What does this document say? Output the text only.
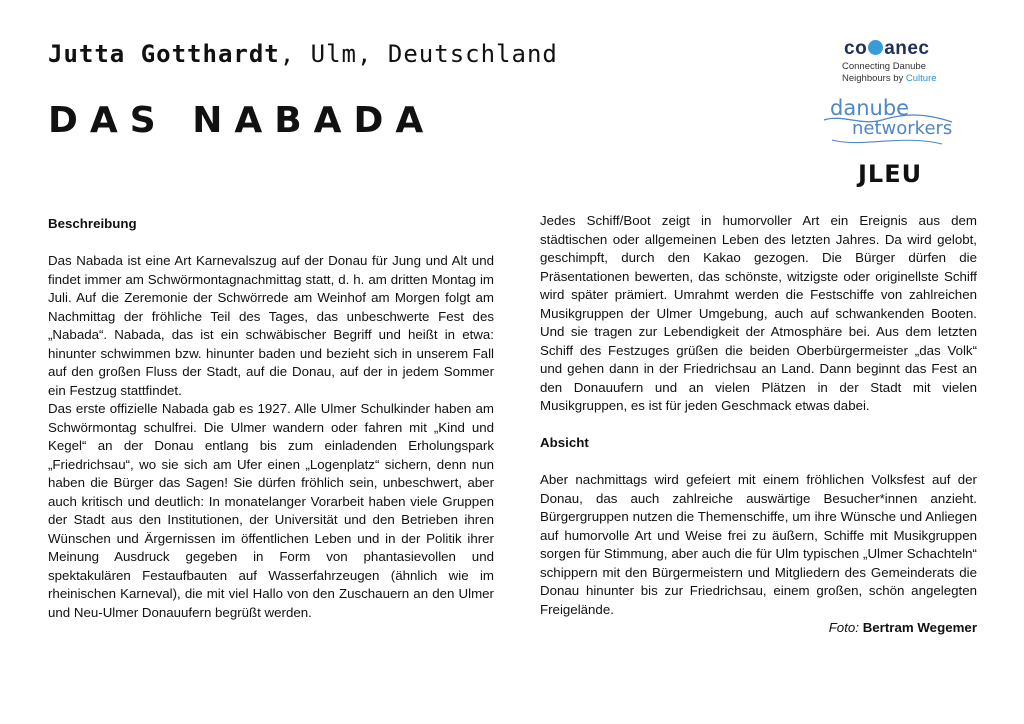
Jutta Gotthardt, Ulm, Deutschland
DAS NABADA
co anec
Connecting Danube
Neighbours by Culture
danube
networkers
JLEU

Beschreibung

Das Nabada ist eine Art Karnevalszug auf der Donau für Jung und Alt und findet immer am Schwörmontagnachmittag statt, d. h. am dritten Montag im Juli. Auf die Zeremonie der Schwörrede am Weinhof am Morgen folgt am Nachmittag der fröhliche Teil des Tages, das unbeschwerte Fest des „Nabada“. Nabada, das ist ein schwäbischer Begriff und heißt in etwa: hinunter schwimmen bzw. hinunter baden und bezieht sich in unserem Fall auf den großen Fluss der Stadt, auf die Donau, auf der in jedem Sommer ein Festzug stattfindet.

Das erste offizielle Nabada gab es 1927. Alle Ulmer Schulkinder haben am Schwörmontag schulfrei. Die Ulmer wandern oder fahren mit „Kind und Kegel“ an der Donau entlang bis zum einladenden Erholungspark „Friedrichsau“, wo sie sich am Ufer einen „Logenplatz“ sichern, denn nun haben die Bürger das Sagen! Sie dürfen fröhlich sein, unbeschwert, aber auch kritisch und deutlich: In monatelanger Vorarbeit haben viele Gruppen der Stadt aus den Institutionen, der Universität und den Betrieben ihren Wünschen und Ärgernissen im öffentlichen Leben und in der Politik ihrer Meinung Ausdruck gegeben in Form von phantasievollen und spektakulären Festaufbauten auf Wasserfahrzeugen (ähnlich wie im rheinischen Karneval), die mit viel Hallo von den Zuschauern an den Ulmer und Neu-Ulmer Donauufern begrüßt werden.

Jedes Schiff/Boot zeigt in humorvoller Art ein Ereignis aus dem städtischen oder allgemeinen Leben des letzten Jahres. Da wird gelobt, geschimpft, durch den Kakao gezogen. Die Bürger dürfen die Präsentationen bewerten, das schönste, witzigste oder originellste Schiff wird später prämiert. Umrahmt werden die Festschiffe von zahlreichen Musikgruppen der Ulmer Umgebung, auch auf schwankenden Booten. Und sie tragen zur Lebendigkeit der Atmosphäre bei. Aus dem letzten Schiff des Festzuges grüßen die beiden Oberbürgermeister „das Volk“ und gehen dann in der Friedrichsau an Land. Dann beginnt das Fest an den Donauufern und an vielen Plätzen in der Stadt mit vielen Musikgruppen, es ist für jeden Geschmack etwas dabei.

Absicht

Aber nachmittags wird gefeiert mit einem fröhlichen Volksfest auf der Donau, das auch zahlreiche auswärtige Besucher*innen anzieht. Bürgergruppen nutzen die Themenschiffe, um ihre Wünsche und Anliegen auf humorvolle Art und Weise frei zu äußern, Schiffe mit Musikgruppen sorgen für Stimmung, aber auch die für Ulm typischen „Ulmer Schachteln“ schippern mit den Bürgermeistern und Mitgliedern des Gemeinderats die Donau hinunter bis zur Friedrichsau, einem großen, schön angelegten Freigelände.

Foto: Bertram Wegemer
